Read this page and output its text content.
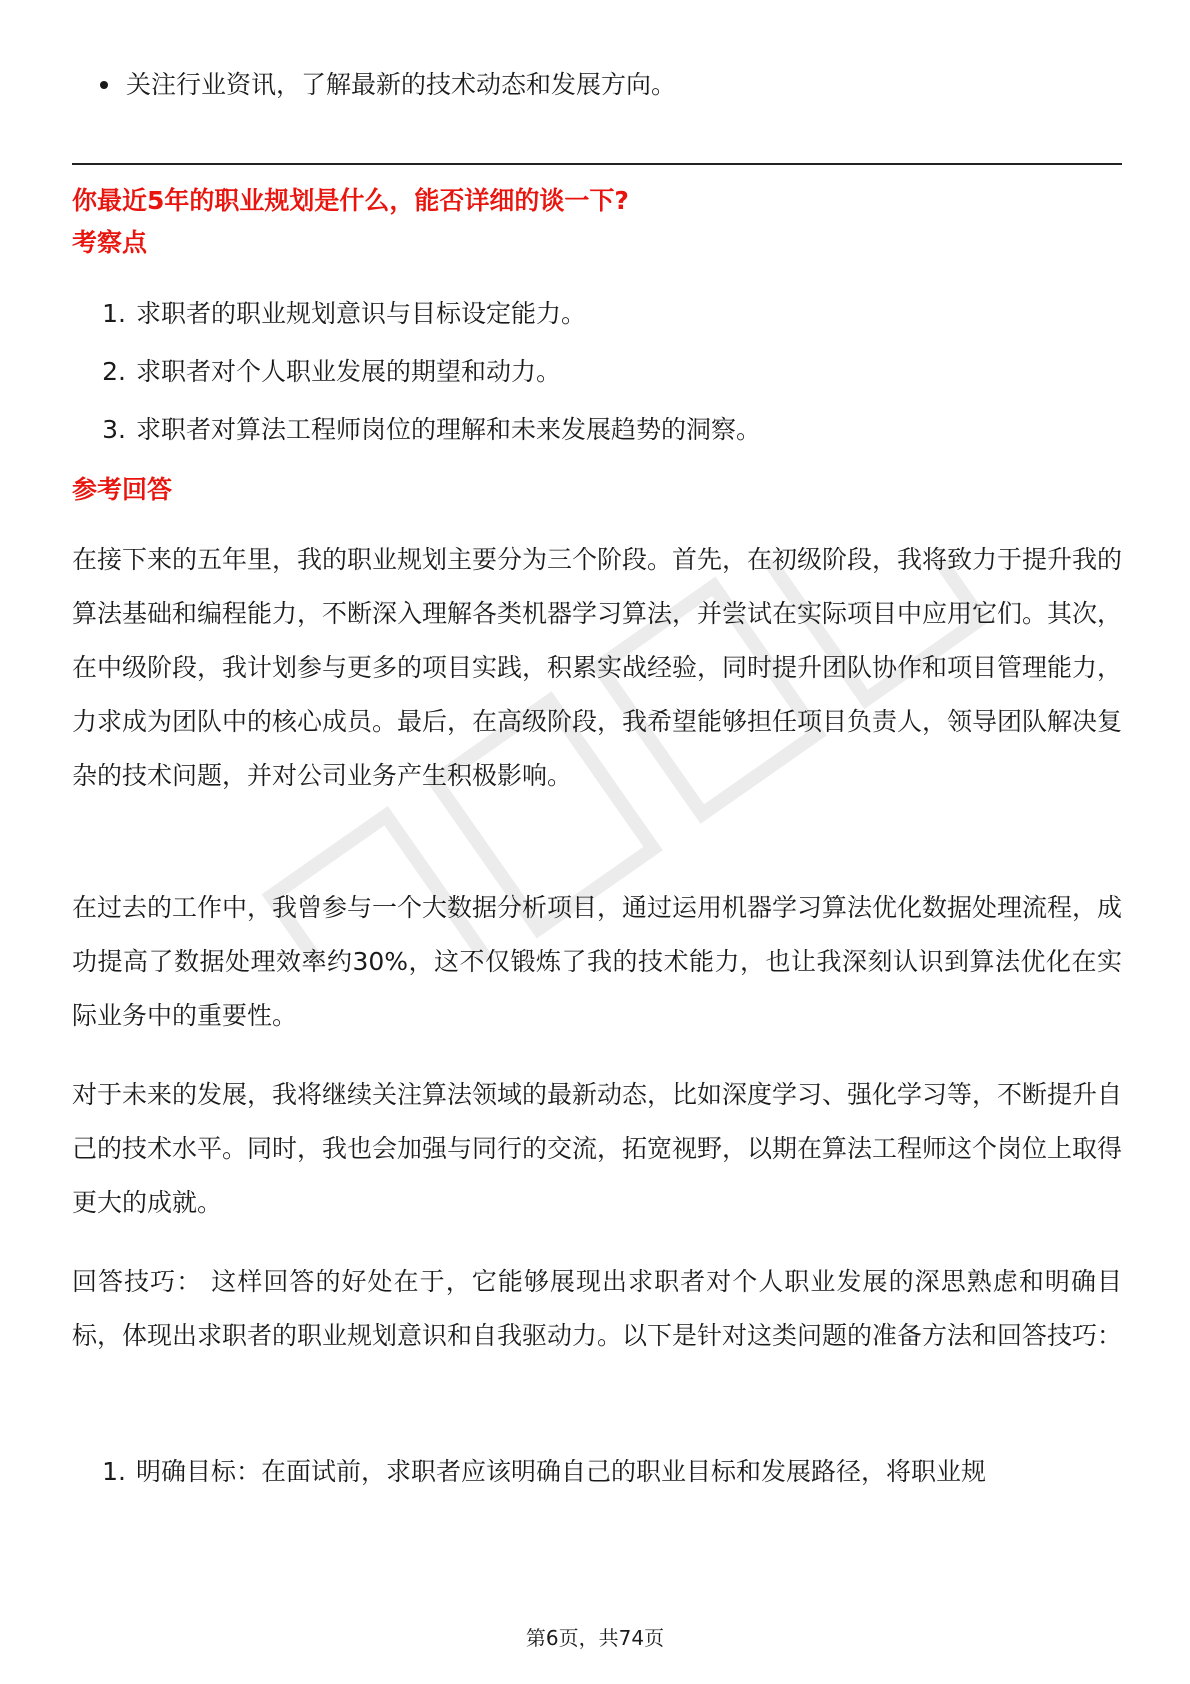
关注行业资讯，了解最新的技术动态和发展方向。
你最近5年的职业规划是什么，能否详细的谈一下?
考察点
1. 求职者的职业规划意识与目标设定能力。
2. 求职者对个人职业发展的期望和动力。
3. 求职者对算法工程师岗位的理解和未来发展趋势的洞察。
参考回答
在接下来的五年里，我的职业规划主要分为三个阶段。首先，在初级阶段，我将致力于提升我的算法基础和编程能力，不断深入理解各类机器学习算法，并尝试在实际项目中应用它们。其次，在中级阶段，我计划参与更多的项目实践，积累实战经验，同时提升团队协作和项目管理能力，力求成为团队中的核心成员。最后，在高级阶段，我希望能够担任项目负责人，领导团队解决复杂的技术问题，并对公司业务产生积极影响。
在过去的工作中，我曾参与一个大数据分析项目，通过运用机器学习算法优化数据处理流程，成功提高了数据处理效率约30%，这不仅锻炼了我的技术能力，也让我深刻认识到算法优化在实际业务中的重要性。
对于未来的发展，我将继续关注算法领域的最新动态，比如深度学习、强化学习等，不断提升自己的技术水平。同时，我也会加强与同行的交流，拓宽视野，以期在算法工程师这个岗位上取得更大的成就。
回答技巧： 这样回答的好处在于，它能够展现出求职者对个人职业发展的深思熟虑和明确目标，体现出求职者的职业规划意识和自我驱动力。以下是针对这类问题的准备方法和回答技巧：
1. 明确目标：在面试前，求职者应该明确自己的职业目标和发展路径，将职业规
第6页，共74页
